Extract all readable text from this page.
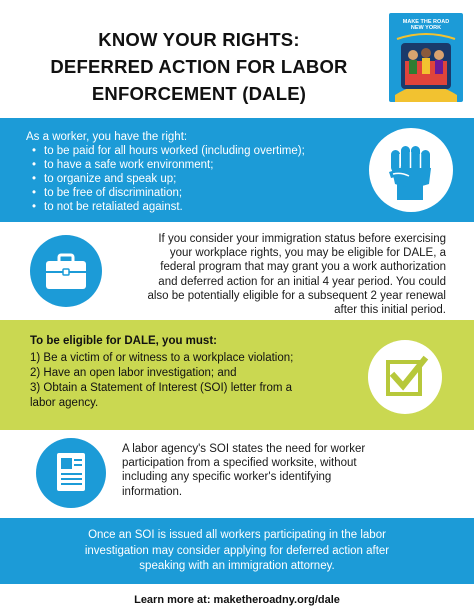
KNOW YOUR RIGHTS:
DEFERRED ACTION FOR LABOR
ENFORCEMENT (DALE)
MAKE THE ROAD
NEW YORK
As a worker, you have the right:
• to be paid for all hours worked (including overtime);
• to have a safe work environment;
• to organize and speak up;
• to be free of discrimination;
• to not be retaliated against.
If you consider your immigration status before exercising
your workplace rights, you may be eligible for DALE, a
federal program that may grant you a work authorization
and deferred action for an initial 4 year period. You could
also be potentially eligible for a subsequent 2 year renewal
after this initial period.
To be eligible for DALE, you must:
1) Be a victim of or witness to a workplace violation;
2) Have an open labor investigation; and
3) Obtain a Statement of Interest (SOI) letter from a
labor agency.
A labor agency's SOI states the need for worker
participation from a specified worksite, without
including any specific worker's identifying
information.
Once an SOI is issued all workers participating in the labor
investigation may consider applying for deferred action after
speaking with an immigration attorney.
Learn more at: maketheroadny.org/dale
